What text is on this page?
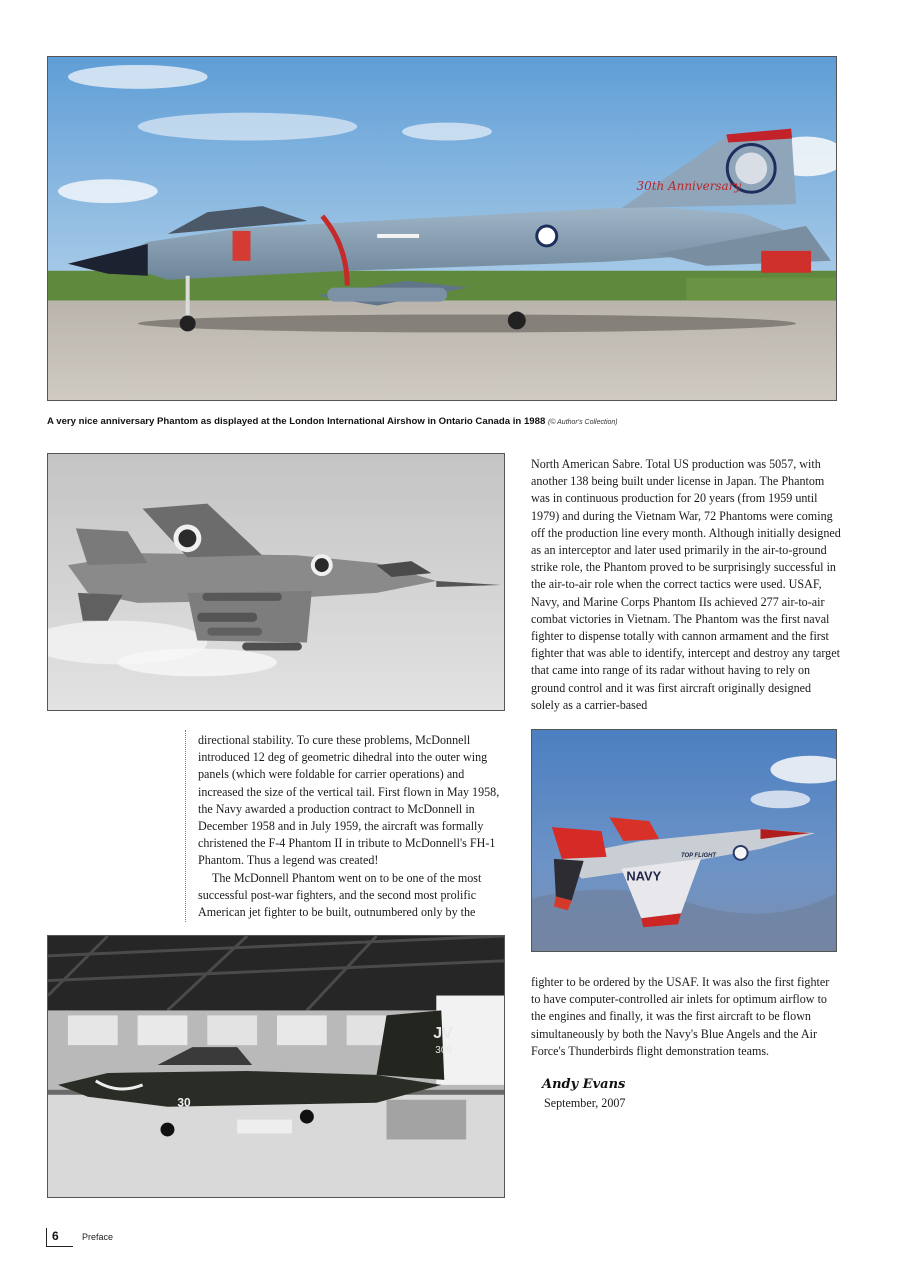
30th Anniversary
A very nice anniversary Phantom as displayed at the London International Airshow in Ontario Canada in 1988 (© Author's Collection)

North American Sabre. Total US production was 5057, with another 138 being built under license in Japan. The Phantom was in continuous production for 20 years (from 1959 until 1979) and during the Vietnam War, 72 Phantoms were coming off the production line every month. Although initially designed as an interceptor and later used primarily in the air-to-ground strike role, the Phantom proved to be surprisingly successful in the air-to-air role when the correct tactics were used. USAF, Navy, and Marine Corps Phantom IIs achieved 277 air-to-air combat victories in Vietnam. The Phantom was the first naval fighter to dispense totally with cannon armament and the first fighter that was able to identify, intercept and destroy any target that came into range of its radar without having to rely on ground control and it was first aircraft originally designed solely as a carrier-based

directional stability. To cure these problems, McDonnell introduced 12 deg of geometric dihedral into the outer wing panels (which were foldable for carrier operations) and increased the size of the vertical tail. First flown in May 1958, the Navy awarded a production contract to McDonnell in December 1958 and in July 1959, the aircraft was formally christened the F-4 Phantom II in tribute to McDonnell's FH-1 Phantom. Thus a legend was created!

The McDonnell Phantom went on to be one of the most successful post-war fighters, and the second most prolific American jet fighter to be built, outnumbered only by the

NAVY
TOP FLIGHT
JV
309
30

fighter to be ordered by the USAF. It was also the first fighter to have computer-controlled air inlets for optimum airflow to the engines and finally, it was the first aircraft to be flown simultaneously by both the Navy's Blue Angels and the Air Force's Thunderbirds flight demonstration teams.

Andy Evans
September, 2007
6	Preface
